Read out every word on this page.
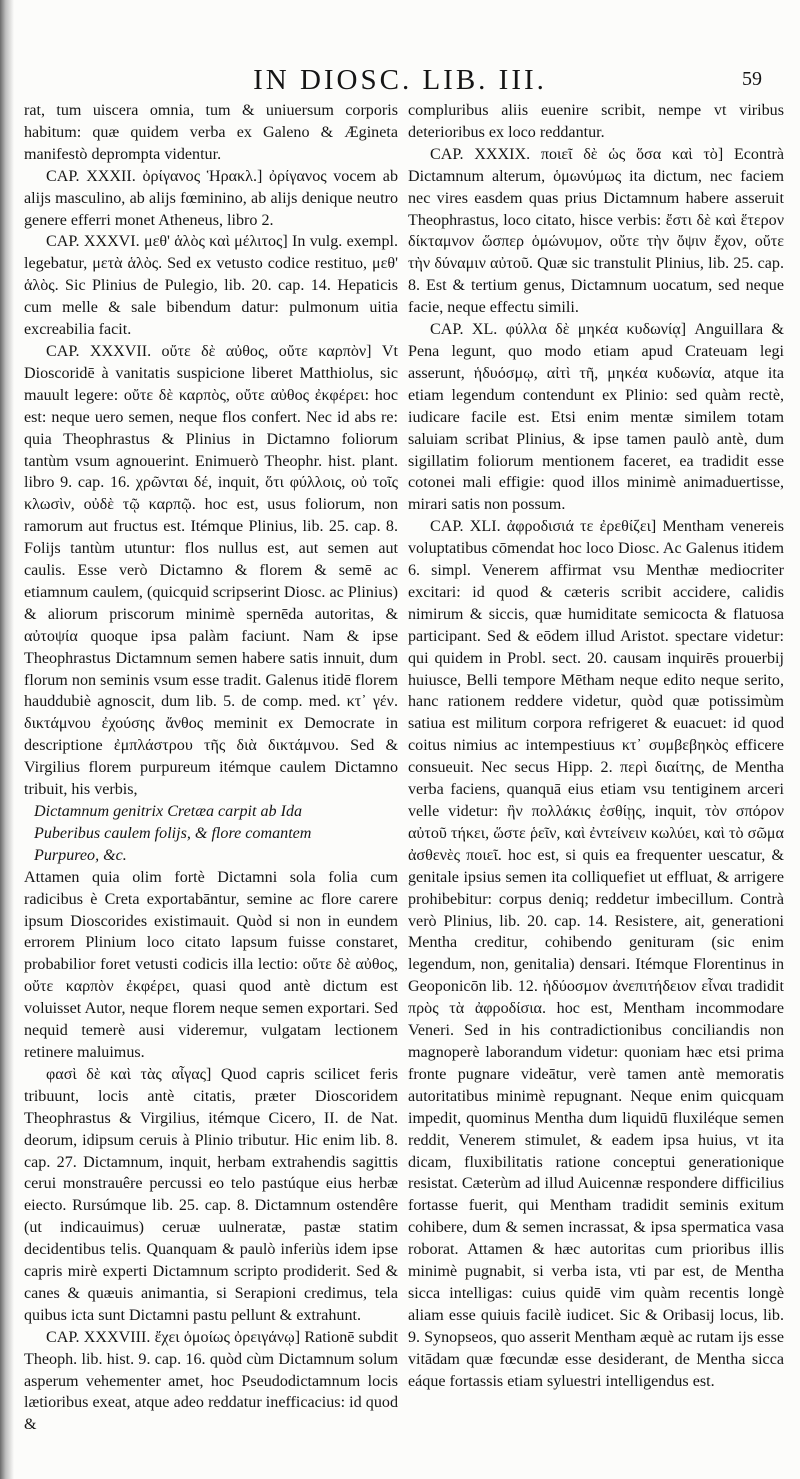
IN DIOSC. LIB. III.	59

rat, tum uiscera omnia, tum & uniuersum corporis habitum: quæ quidem verba ex Galeno & Ægineta manifestò deprompta videntur.

CAP. XXXII. ὀρίγανος Ἡρακλ.] ὀρίγανος vocem ab alijs masculino, ab alijs fœminino, ab alijs denique neutro genere efferri monet Atheneus, libro 2.

CAP. XXXVI. μεθ' ἁλὸς καὶ μέλιτος] In vulg. exempl. legebatur, μετὰ ἁλὸς. Sed ex vetusto codice restituo, μεθ' ἁλὸς. Sic Plinius de Pulegio, lib. 20. cap. 14. Hepaticis cum melle & sale bibendum datur: pulmonum uitia excreabilia facit.

CAP. XXXVII. οὔτε δὲ αὐθος, οὔτε καρπὸν] Vt Dioscoridē à vanitatis suspicione liberet Matthiolus, sic mauult legere: οὔτε δὲ καρπὸς, οὔτε αὐθος ἐκφέρει: hoc est: neque uero semen, neque flos confert. Nec id abs re: quia Theophrastus & Plinius in Dictamno foliorum tantùm vsum agnouerint. Enimuerò Theophr. hist. plant. libro 9. cap. 16. χρῶνται δέ, inquit, ὅτι φύλλοις, οὐ τοῖς κλωσὶν, οὐδὲ τῷ καρπῷ. hoc est, usus foliorum, non ramorum aut fructus est. Itémque Plinius, lib. 25. cap. 8. Folijs tantùm utuntur: flos nullus est, aut semen aut caulis. Esse verò Dictamno & florem & semē ac etiamnum caulem, (quicquid scripserint Diosc. ac Plinius) & aliorum priscorum minimè spernēda autoritas, & αὐτοψία quoque ipsa palàm faciunt. Nam & ipse Theophrastus Dictamnum semen habere satis innuit, dum florum non seminis vsum esse tradit. Galenus itidē florem hauddubiè agnoscit, dum lib. 5. de comp. med. κτ᾽ γέν. δικτάμνου ἐχούσης ἄνθος meminit ex Democrate in descriptione ἐμπλάστρου τῆς διὰ δικτάμνου. Sed & Virgilius florem purpureum itémque caulem Dictamno tribuit, his verbis,

Dictamnum genitrix Cretæa carpit ab Ida

Puberibus caulem folijs, & flore comantem

Purpureo, &c.

Attamen quia olim fortè Dictamni sola folia cum radicibus è Creta exportabāntur, semine ac flore carere ipsum Dioscorides existimauit. Quòd si non in eundem errorem Plinium loco citato lapsum fuisse constaret, probabilior foret vetusti codicis illa lectio: οὔτε δὲ αὐθος, οὔτε καρπὸν ἐκφέρει, quasi quod antè dictum est voluisset Autor, neque florem neque semen exportari. Sed nequid temerè ausi videremur, vulgatam lectionem retinere maluimus.

φασὶ δὲ καὶ τὰς αἶγας] Quod capris scilicet feris tribuunt, locis antè citatis, præter Dioscoridem Theophrastus & Virgilius, itémque Cicero, II. de Nat. deorum, idipsum ceruis à Plinio tributur. Hic enim lib. 8. cap. 27. Dictamnum, inquit, herbam extrahendis sagittis cerui monstrauêre percussi eo telo pastúque eius herbæ eiecto. Rursúmque lib. 25. cap. 8. Dictamnum ostendêre (ut indicauimus) ceruæ uulneratæ, pastæ statim decidentibus telis. Quanquam & paulò inferiùs idem ipse capris mirè experti Dictamnum scripto prodiderit. Sed & canes & quæuis animantia, si Serapioni credimus, tela quibus icta sunt Dictamni pastu pellunt & extrahunt.

CAP. XXXVIII. ἔχει ὁμοίως ὀρειγάνῳ] Rationē subdit Theoph. lib. hist. 9. cap. 16. quòd cùm Dictamnum solum asperum vehementer amet, hoc Pseudodictamnum locis lætioribus exeat, atque adeo reddatur inefficacius: id quod &

compluribus aliis euenire scribit, nempe vt viribus deterioribus ex loco reddantur.

CAP. XXXIX. ποιεῖ δὲ ὡς ὅσα καὶ τὸ] Econtrà Dictamnum alterum, ὁμωνύμως ita dictum, nec faciem nec vires easdem quas prius Dictamnum habere asseruit Theophrastus, loco citato, hisce verbis: ἔστι δὲ καὶ ἕτερον δίκταμνον ὥσπερ ὁμώνυμον, οὔτε τὴν ὄψιν ἔχον, οὔτε τὴν δύναμιν αὐτοῦ. Quæ sic transtulit Plinius, lib. 25. cap. 8. Est & tertium genus, Dictamnum uocatum, sed neque facie, neque effectu simili.

CAP. XL. φύλλα δὲ μηκέα κυδωνίᾳ] Anguillara & Pena legunt, quo modo etiam apud Crateuam legi asserunt, ἡδυόσμῳ, αἰτὶ τῆ, μηκέα κυδωνία, atque ita etiam legendum contendunt ex Plinio: sed quàm rectè, iudicare facile est. Etsi enim mentæ similem totam saluiam scribat Plinius, & ipse tamen paulò antè, dum sigillatim foliorum mentionem faceret, ea tradidit esse cotonei mali effigie: quod illos minimè animaduertisse, mirari satis non possum.

CAP. XLI. ἀφροδισιά τε ἐρεθίζει] Mentham venereis voluptatibus cōmendat hoc loco Diosc. Ac Galenus itidem 6. simpl. Venerem affirmat vsu Menthæ mediocriter excitari: id quod & cæteris scribit accidere, calidis nimirum & siccis, quæ humiditate semicocta & flatuosa participant. Sed & eōdem illud Aristot. spectare videtur: qui quidem in Probl. sect. 20. causam inquirēs prouerbij huiusce, Belli tempore Mētham neque edito neque serito, hanc rationem reddere videtur, quòd quæ potissimùm satiua est militum corpora refrigeret & euacuet: id quod coitus nimius ac intempestiuus κτ᾽ συμβεβηκὸς efficere consueuit. Nec secus Hipp. 2. περὶ διαίτης, de Mentha verba faciens, quanquā eius etiam vsu tentiginem arceri velle videtur: ἢν πολλάκις ἐσθίῃς, inquit, τὸν σπόρον αὐτοῦ τήκει, ὥστε ῥεῖν, καὶ ἐντείνειν κωλύει, καὶ τὸ σῶμα ἀσθενὲς ποιεῖ. hoc est, si quis ea frequenter uescatur, & genitale ipsius semen ita colliquefiet ut effluat, & arrigere prohibebitur: corpus deniq; reddetur imbecillum. Contrà verò Plinius, lib. 20. cap. 14. Resistere, ait, generationi Mentha creditur, cohibendo genituram (sic enim legendum, non, genitalia) densari. Itémque Florentinus in Geoponicōn lib. 12. ἡδύοσμον ἀνεπιτήδειον εἶναι tradidit πρὸς τὰ ἀφροδίσια. hoc est, Mentham incommodare Veneri. Sed in his contradictionibus conciliandis non magnoperè laborandum videtur: quoniam hæc etsi prima fronte pugnare videātur, verè tamen antè memoratis autoritatibus minimè repugnant. Neque enim quicquam impedit, quominus Mentha dum liquidū fluxiléque semen reddit, Venerem stimulet, & eadem ipsa huius, vt ita dicam, fluxibilitatis ratione conceptui generationique resistat. Cæterùm ad illud Auicennæ respondere difficilius fortasse fuerit, qui Mentham tradidit seminis exitum cohibere, dum & semen incrassat, & ipsa spermatica vasa roborat. Attamen & hæc autoritas cum prioribus illis minimè pugnabit, si verba ista, vti par est, de Mentha sicca intelligas: cuius quidē vim quàm recentis longè aliam esse quiuis facilè iudicet. Sic & Oribasij locus, lib. 9. Synopseos, quo asserit Mentham æquè ac rutam ijs esse vitādam quæ fœcundæ esse desiderant, de Mentha sicca eáque fortassis etiam syluestri intelligendus est.
